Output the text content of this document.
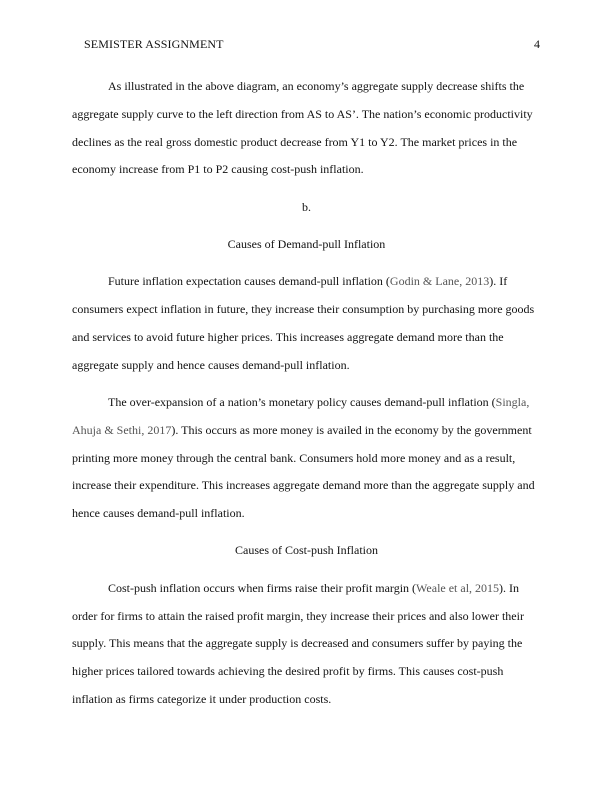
SEMISTER ASSIGNMENT	4

As illustrated in the above diagram, an economy’s aggregate supply decrease shifts the
aggregate supply curve to the left direction from AS to AS’. The nation’s economic productivity
declines as the real gross domestic product decrease from Y1 to Y2. The market prices in the
economy increase from P1 to P2 causing cost-push inflation.

b.

Causes of Demand-pull Inflation

Future inflation expectation causes demand-pull inflation (Godin & Lane, 2013). If
consumers expect inflation in future, they increase their consumption by purchasing more goods
and services to avoid future higher prices. This increases aggregate demand more than the
aggregate supply and hence causes demand-pull inflation.

The over-expansion of a nation’s monetary policy causes demand-pull inflation (Singla,
Ahuja & Sethi, 2017). This occurs as more money is availed in the economy by the government
printing more money through the central bank. Consumers hold more money and as a result,
increase their expenditure. This increases aggregate demand more than the aggregate supply and
hence causes demand-pull inflation.

Causes of Cost-push Inflation

Cost-push inflation occurs when firms raise their profit margin (Weale et al, 2015). In
order for firms to attain the raised profit margin, they increase their prices and also lower their
supply. This means that the aggregate supply is decreased and consumers suffer by paying the
higher prices tailored towards achieving the desired profit by firms. This causes cost-push
inflation as firms categorize it under production costs.
